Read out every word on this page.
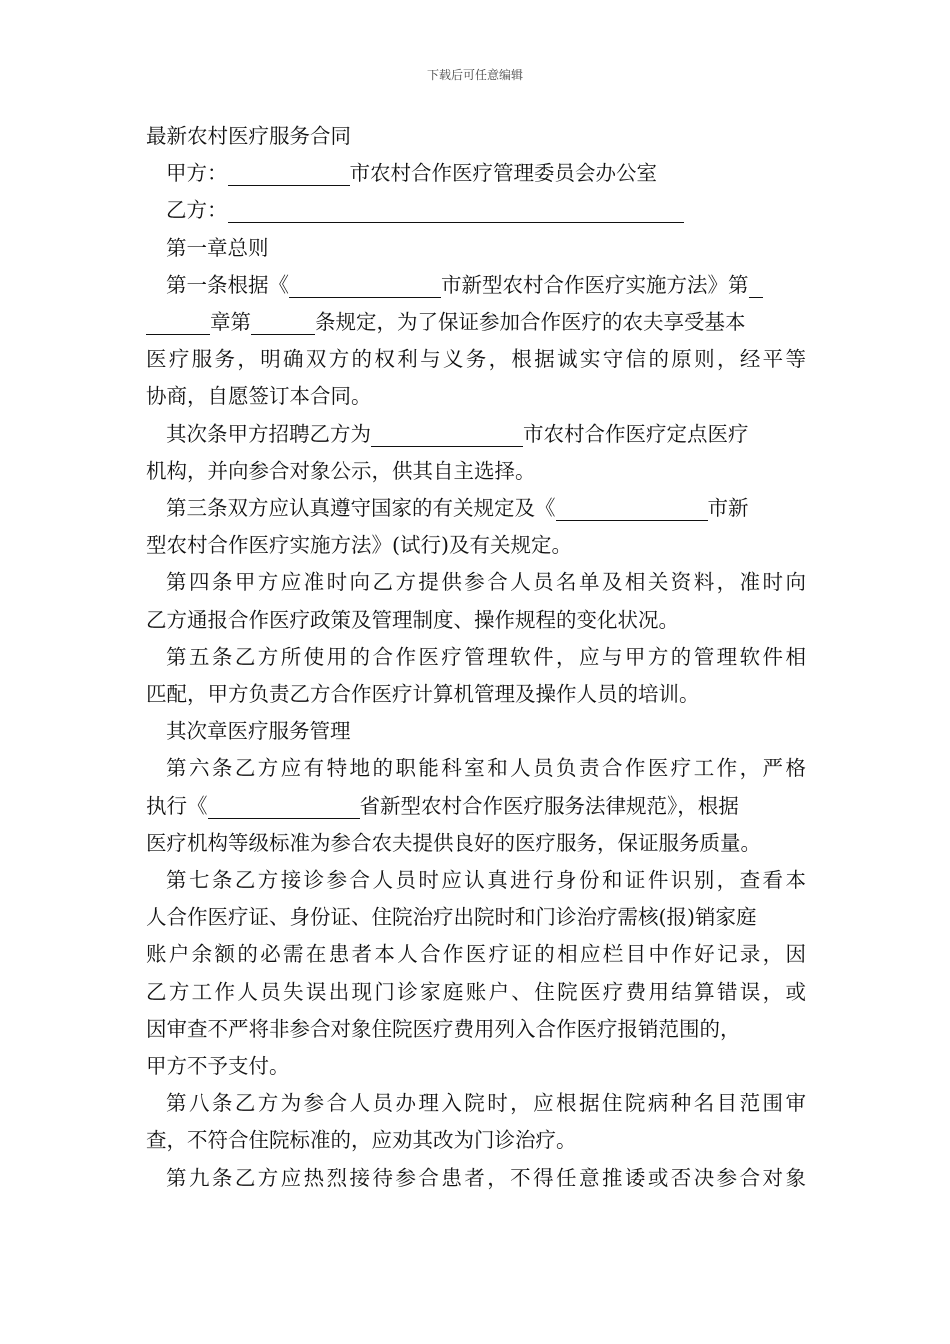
下载后可任意编辑
最新农村医疗服务合同
甲方：	市农村合作医疗管理委员会办公室
乙方：
第一章总则
第一条根据《	市新型农村合作医疗实施方法》第
章第	条规定，为了保证参加合作医疗的农夫享受基本
医疗服务，明确双方的权利与义务，根据诚实守信的原则，经平等
协商，自愿签订本合同。
其次条甲方招聘乙方为	市农村合作医疗定点医疗
机构，并向参合对象公示，供其自主选择。
第三条双方应认真遵守国家的有关规定及《	市新
型农村合作医疗实施方法》(试行)及有关规定。
第四条甲方应准时向乙方提供参合人员名单及相关资料，准时向
乙方通报合作医疗政策及管理制度、操作规程的变化状况。
第五条乙方所使用的合作医疗管理软件，应与甲方的管理软件相
匹配，甲方负责乙方合作医疗计算机管理及操作人员的培训。
其次章医疗服务管理
第六条乙方应有特地的职能科室和人员负责合作医疗工作，严格
执行《	省新型农村合作医疗服务法律规范》，根据
医疗机构等级标准为参合农夫提供良好的医疗服务，保证服务质量。
第七条乙方接诊参合人员时应认真进行身份和证件识别，查看本
人合作医疗证、身份证、住院治疗出院时和门诊治疗需核(报)销家庭
账户余额的必需在患者本人合作医疗证的相应栏目中作好记录，因
乙方工作人员失误出现门诊家庭账户、住院医疗费用结算错误，或
因审查不严将非参合对象住院医疗费用列入合作医疗报销范围的，
甲方不予支付。
第八条乙方为参合人员办理入院时，应根据住院病种名目范围审
查，不符合住院标准的，应劝其改为门诊治疗。
第九条乙方应热烈接待参合患者，不得任意推诿或否决参合对象
